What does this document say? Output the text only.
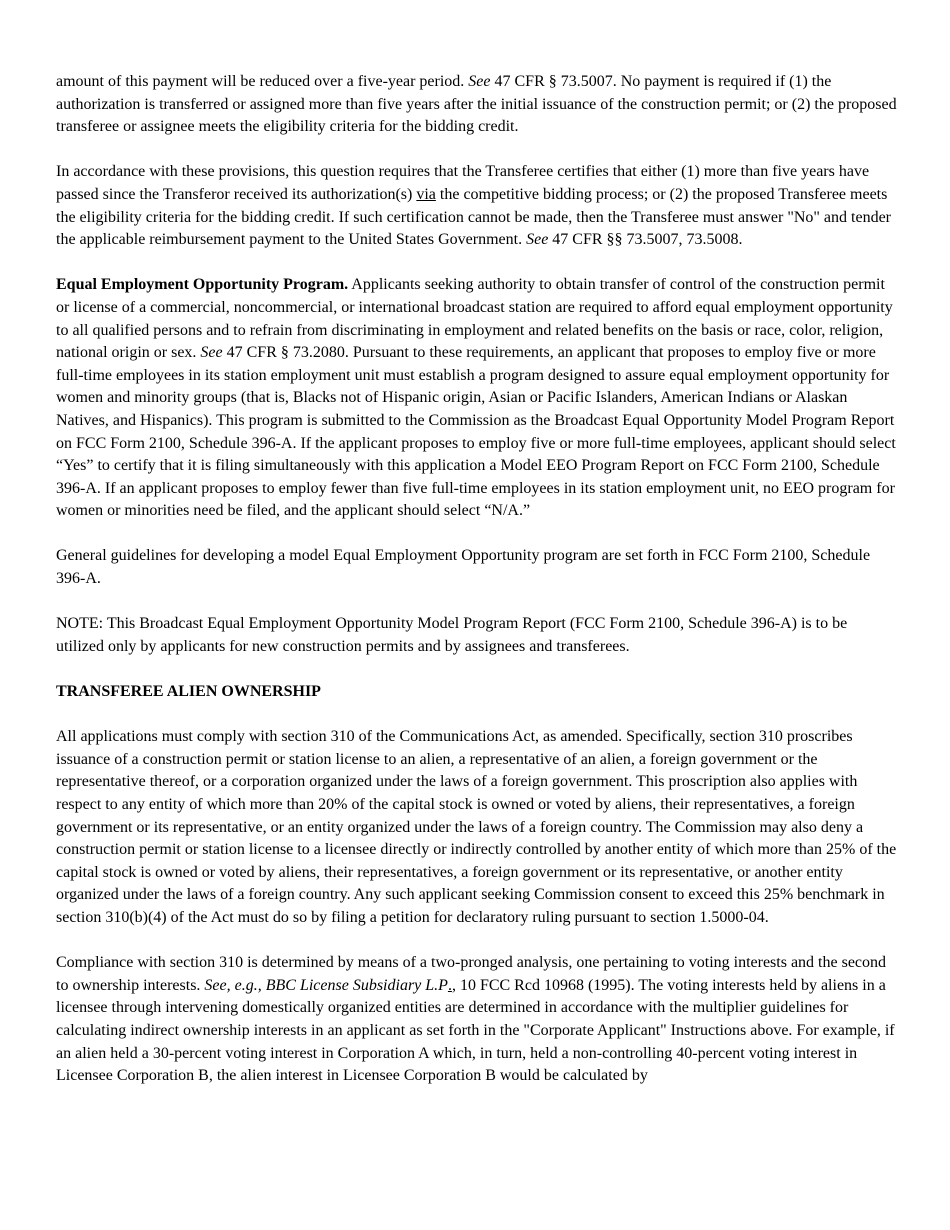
amount of this payment will be reduced over a five-year period. See 47 CFR § 73.5007. No payment is required if (1) the authorization is transferred or assigned more than five years after the initial issuance of the construction permit; or (2) the proposed transferee or assignee meets the eligibility criteria for the bidding credit.

In accordance with these provisions, this question requires that the Transferee certifies that either (1) more than five years have passed since the Transferor received its authorization(s) via the competitive bidding process; or (2) the proposed Transferee meets the eligibility criteria for the bidding credit. If such certification cannot be made, then the Transferee must answer "No" and tender the applicable reimbursement payment to the United States Government. See 47 CFR §§ 73.5007, 73.5008.

Equal Employment Opportunity Program. Applicants seeking authority to obtain transfer of control of the construction permit or license of a commercial, noncommercial, or international broadcast station are required to afford equal employment opportunity to all qualified persons and to refrain from discriminating in employment and related benefits on the basis or race, color, religion, national origin or sex. See 47 CFR § 73.2080. Pursuant to these requirements, an applicant that proposes to employ five or more full-time employees in its station employment unit must establish a program designed to assure equal employment opportunity for women and minority groups (that is, Blacks not of Hispanic origin, Asian or Pacific Islanders, American Indians or Alaskan Natives, and Hispanics). This program is submitted to the Commission as the Broadcast Equal Opportunity Model Program Report on FCC Form 2100, Schedule 396-A. If the applicant proposes to employ five or more full-time employees, applicant should select “Yes” to certify that it is filing simultaneously with this application a Model EEO Program Report on FCC Form 2100, Schedule 396-A. If an applicant proposes to employ fewer than five full-time employees in its station employment unit, no EEO program for women or minorities need be filed, and the applicant should select “N/A.”

General guidelines for developing a model Equal Employment Opportunity program are set forth in FCC Form 2100, Schedule 396-A.

NOTE: This Broadcast Equal Employment Opportunity Model Program Report (FCC Form 2100, Schedule 396-A) is to be utilized only by applicants for new construction permits and by assignees and transferees.

TRANSFEREE ALIEN OWNERSHIP

All applications must comply with section 310 of the Communications Act, as amended. Specifically, section 310 proscribes issuance of a construction permit or station license to an alien, a representative of an alien, a foreign government or the representative thereof, or a corporation organized under the laws of a foreign government. This proscription also applies with respect to any entity of which more than 20% of the capital stock is owned or voted by aliens, their representatives, a foreign government or its representative, or an entity organized under the laws of a foreign country. The Commission may also deny a construction permit or station license to a licensee directly or indirectly controlled by another entity of which more than 25% of the capital stock is owned or voted by aliens, their representatives, a foreign government or its representative, or another entity organized under the laws of a foreign country. Any such applicant seeking Commission consent to exceed this 25% benchmark in section 310(b)(4) of the Act must do so by filing a petition for declaratory ruling pursuant to section 1.5000-04.

Compliance with section 310 is determined by means of a two-pronged analysis, one pertaining to voting interests and the second to ownership interests. See, e.g., BBC License Subsidiary L.P., 10 FCC Rcd 10968 (1995). The voting interests held by aliens in a licensee through intervening domestically organized entities are determined in accordance with the multiplier guidelines for calculating indirect ownership interests in an applicant as set forth in the "Corporate Applicant" Instructions above. For example, if an alien held a 30-percent voting interest in Corporation A which, in turn, held a non-controlling 40-percent voting interest in Licensee Corporation B, the alien interest in Licensee Corporation B would be calculated by
